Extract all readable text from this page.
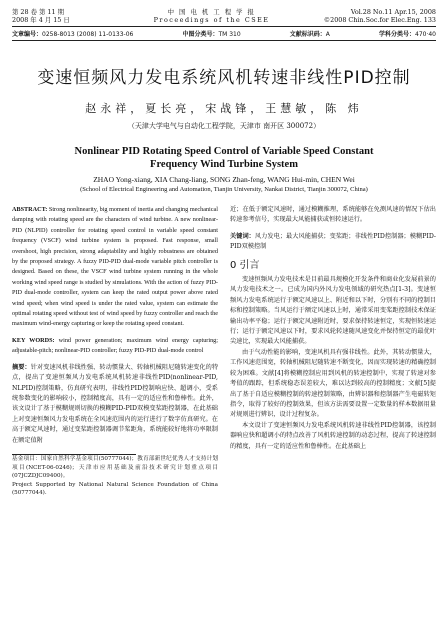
第 28 卷 第 11 期
2008 年 4 月 15 日
中 国 电 机 工 程 学 报
Proceedings of the CSEE
Vol.28 No.11 Apr.15, 2008
©2008 Chin.Soc.for Elec.Eng. 133
文章编号：0258-8013 (2008) 11-0133-06	中图分类号：TM 310	文献标识码：A	学科分类号：470·40
变速恒频风力发电系统风机转速非线性PID控制
赵永祥，夏长亮，宋战锋，王慧敏，陈 炜
（天津大学电气与自动化工程学院，天津市 南开区 300072）
Nonlinear PID Rotating Speed Control of Variable Speed Constant
Frequency Wind Turbine System
ZHAO Yong-xiang, XIA Chang-liang, SONG Zhan-feng, WANG Hui-min, CHEN Wei
(School of Electrical Engineering and Automation, Tianjin University, Nankai District, Tianjin 300072, China)

ABSTRACT: Strong nonlinearity, big moment of inertia and changing mechanical damping with rotating speed are the characters of wind turbine. A new nonlinear-PID (NLPID) controller for rotating speed control in variable speed constant frequency (VSCF) wind turbine system is proposed. Fast response, small overshoot, high precision, strong adaptability and highly robustness are obtained by the proposed strategy. A fuzzy PID-PID dual-mode variable pitch controller is designed. Based on these, the VSCF wind turbine system running in the whole working wind speed range is studied by simulations. With the action of fuzzy PID-PID dual-mode controller, system can keep the rated output power above rated wind speed; when wind speed is under the rated value, system can estimate the optimal rotating speed without test of wind speed by fuzzy controller and reach the maximum wind-energy capturing or keep the rotating speed constant.

KEY WORDS: wind power generation; maximum wind energy capturing; adjustable-pitch; nonlinear-PID controller; fuzzy PID-PID dual-mode control

摘要：针对变速风机非线性强、转动惯量大、转轴机械阻尼随转速变化的特点，提出了变速恒频风力发电系统风机转速非线性PID(nonlinear-PID, NLPID)控制策略，仿真研究表明，非线性PID控制响应快、超调小，受系统参数变化的影响较小，控制精度高，具有一定的适应性和鲁棒性。此外，该文设计了基于模糊规则切换的模糊PID-PID双模变桨距控制器，在此基础上对变速恒频风力发电系统在全风速范围内的运行进行了数字仿真研究。在高于额定风速时，通过变桨距控制器调节桨距角，系统能较好地将功率限制在额定值附

基金项目：国家自然科学基金项目(50777044)；教育部新世纪优秀人才支持计划项目(NCET-06-0246)；天津市应用基础及前沿技术研究计划重点项目(07JCZDJC09400)。
Project Supported by National Natural Science Foundation of China (50777044).

近；在低于额定风速时，通过模糊推理，系统能够在免测风速的情况下估出转速参考信号，实现最大风能捕获或恒转速运行。

关键词：风力发电；最大风能捕获；变桨距；非线性PID控制器；模糊PID-PID双模控制

0 引言

变速恒频风力发电技术是目前最具规模化开发条件和商业化发展前景的风力发电技术之一。已成为国内外风力发电领域的研究热点[1-3]。变速恒频风力发电系统运行于额定风速以上、附近和以下时，分别有不同的控制目标和控制策略。当风运行于额定风速以上时，通常采用变桨距控制技术保证输出功率平稳；运行于额定风速附近时，要求保持转速恒定，实现恒转速运行；运行于额定风速以下时，要求风轮转速随风速变化并保持恒定的最优叶尖速比，实现最大风能捕获。

由于气动性能的影响，变速风机具有强非线性。此外，其转动惯量大，工作风速范围宽，转轴机械阻尼随转速不断变化，因而实现转速的精确控制较为困难。文献[4]将模糊控制应用到风机的转速控制中，实现了转速对参考值的跟踪，但系统稳态误差较大，难以达到较高的控制精度；文献[5]提出了基于自适应模糊控制的转速控制策略，由辨识器和控制器产生电磁转矩指令，取得了较好的控制效果，但该方法需要设置一定数量的样本数据用量对规则进行辨识，设计过程复杂。

本文设计了变速恒频风力发电系统风机转速非线性PID控制器，该控制器响应快和超调小的特点改善了风机转速控制的动态过程，提高了转速控制的精度，具有一定的适应性和鲁棒性。在此基础上
